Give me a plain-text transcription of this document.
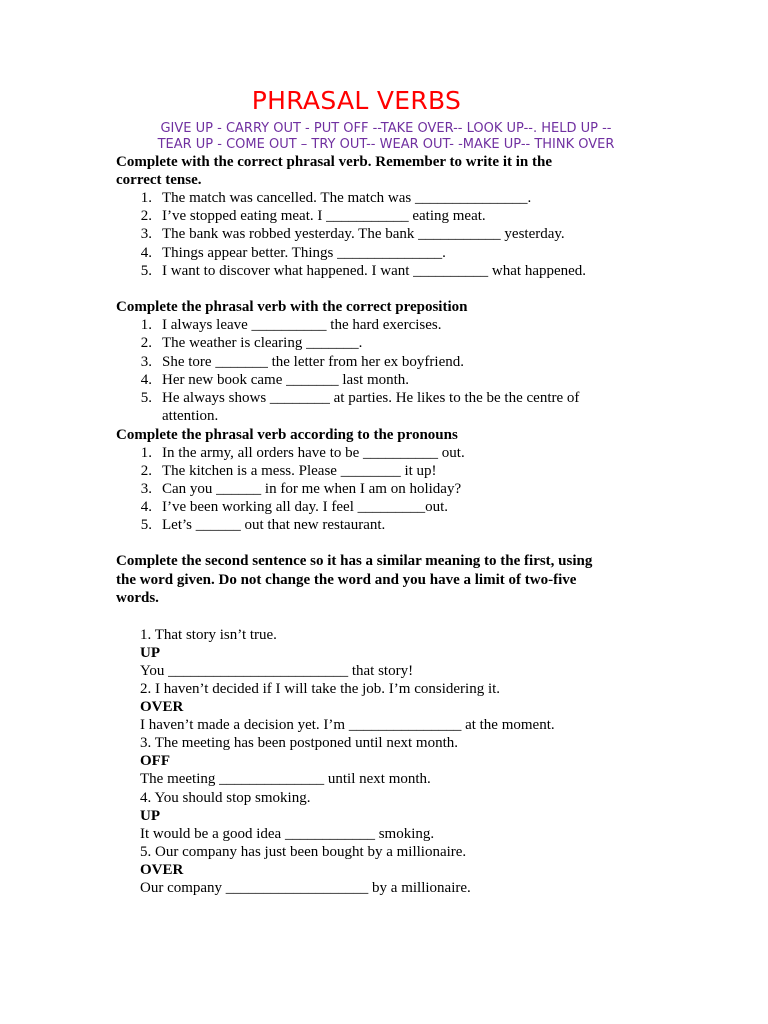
PHRASAL VERBS
GIVE UP - CARRY OUT - PUT OFF --TAKE OVER-- LOOK UP--. HELD UP --
TEAR UP - COME OUT – TRY OUT-- WEAR OUT- -MAKE UP-- THINK OVER
Complete with the correct phrasal verb. Remember to write it in the
correct tense.
1. The match was cancelled. The match was _______________.
2. I’ve stopped eating meat. I ___________ eating meat.
3. The bank was robbed yesterday. The bank ___________ yesterday.
4. Things appear better. Things ______________.
5. I want to discover what happened. I want __________ what happened.
Complete the phrasal verb with the correct preposition
1. I always leave __________ the hard exercises.
2. The weather is clearing _______.
3. She tore _______ the letter from her ex boyfriend.
4. Her new book came _______ last month.
5. He always shows ________ at parties. He likes to the be the centre of
attention.
Complete the phrasal verb according to the pronouns
1. In the army, all orders have to be __________ out.
2. The kitchen is a mess. Please ________ it up!
3. Can you ______ in for me when I am on holiday?
4. I’ve been working all day. I feel _________out.
5. Let’s ______ out that new restaurant.
Complete the second sentence so it has a similar meaning to the first, using
the word given. Do not change the word and you have a limit of two-five
words.
1. That story isn’t true.
UP
You ________________________ that story!
2. I haven’t decided if I will take the job. I’m considering it.
OVER
I haven’t made a decision yet. I’m _______________ at the moment.
3. The meeting has been postponed until next month.
OFF
The meeting ______________ until next month.
4. You should stop smoking.
UP
It would be a good idea ____________ smoking.
5. Our company has just been bought by a millionaire.
OVER
Our company ___________________ by a millionaire.
